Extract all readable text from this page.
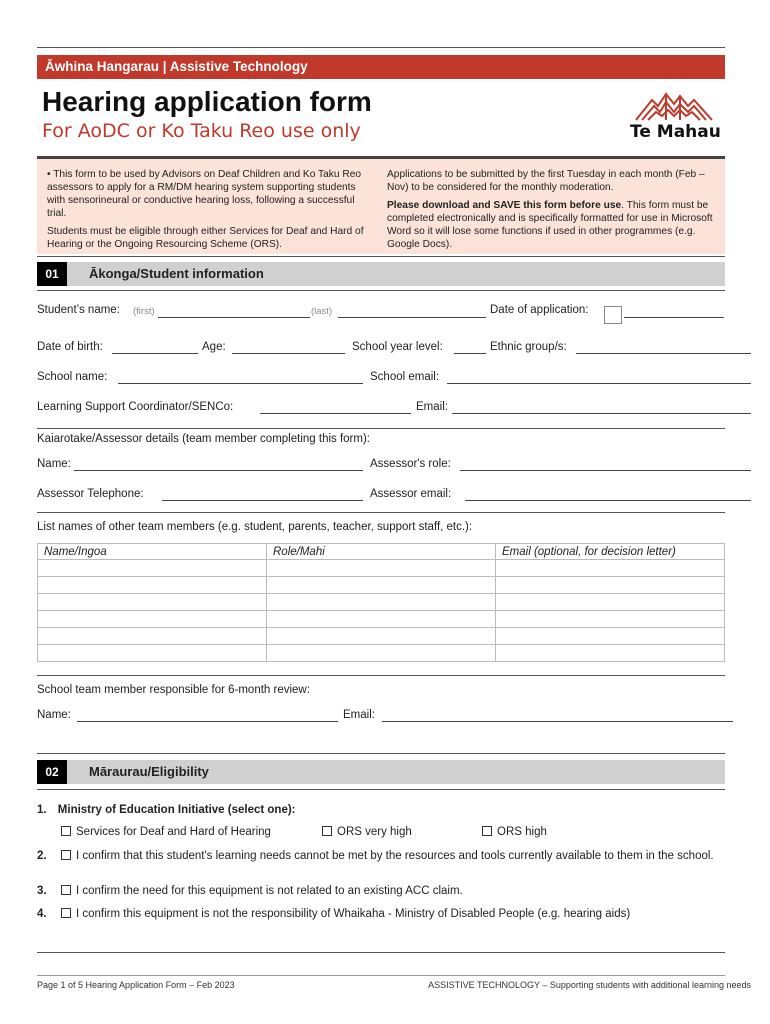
Āwhina Hangarau | Assistive Technology
Hearing application form
For AoDC or Ko Taku Reo use only	Te Mahau

• This form to be used by Advisors on Deaf Children and Ko Taku Reo assessors to apply for a RM/DM hearing system supporting students with sensorineural or conductive hearing loss, following a successful trial.

Students must be eligible through either Services for Deaf and Hard of Hearing or the Ongoing Resourcing Scheme (ORS).

Applications to be submitted by the first Tuesday in each month (Feb – Nov) to be considered for the monthly moderation.

Please download and SAVE this form before use. This form must be completed electronically and is specifically formatted for use in Microsoft Word so it will lose some functions if used in other programmes (e.g. Google Docs).

01	Ākonga/Student information
Student’s name: (first)	(last)	Date of application:
Date of birth:	Age:	School year level:	Ethnic group/s:
School name:	School email:
Learning Support Coordinator/SENCo:	Email:
Kaiarotake/Assessor details (team member completing this form):
Name:	Assessor's role:
Assessor Telephone:	Assessor email:
List names of other team members (e.g. student, parents, teacher, support staff, etc.):
Name/Ingoa	Role/Mahi	Email (optional, for decision letter)

School team member responsible for 6-month review:
Name:	Email:
02	Māraurau/Eligibility
1. Ministry of Education Initiative (select one):
Services for Deaf and Hard of Hearing	ORS very high	ORS high
2.	I confirm that this student's learning needs cannot be met by the resources and tools currently available to them in the school.
3.	I confirm the need for this equipment is not related to an existing ACC claim.
4.	I confirm this equipment is not the responsibility of Whaikaha - Ministry of Disabled People (e.g. hearing aids)
Page 1 of 5 Hearing Application Form – Feb 2023	ASSISTIVE TECHNOLOGY – Supporting students with additional learning needs
